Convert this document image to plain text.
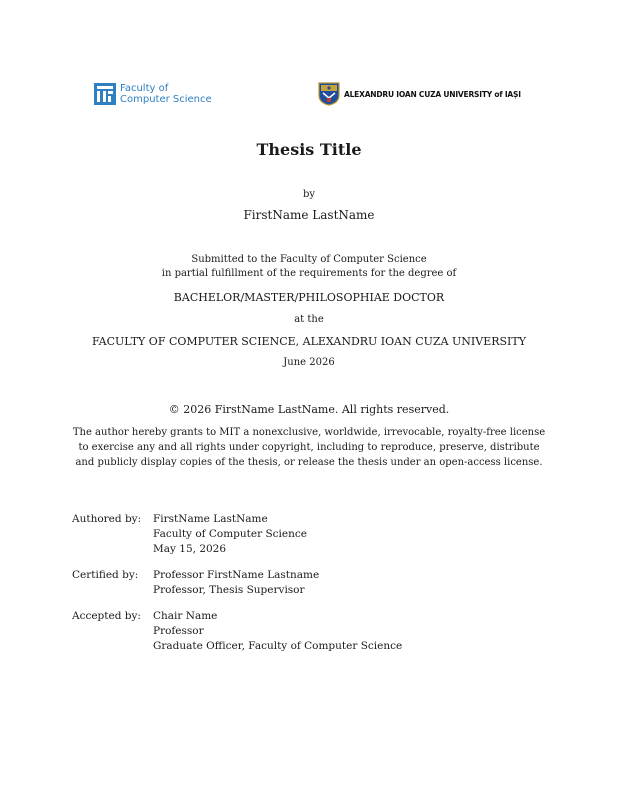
Faculty of
Computer Science	ALEXANDRU IOAN CUZA UNIVERSITY of IAȘI
Thesis Title
by
FirstName LastName
Submitted to the Faculty of Computer Science
in partial fulfillment of the requirements for the degree of
BACHELOR/MASTER/PHILOSOPHIAE DOCTOR
at the
FACULTY OF COMPUTER SCIENCE, ALEXANDRU IOAN CUZA UNIVERSITY
June 2026
© 2026 FirstName LastName. All rights reserved.
The author hereby grants to MIT a nonexclusive, worldwide, irrevocable, royalty-free license to exercise any and all rights under copyright, including to reproduce, preserve, distribute and publicly display copies of the thesis, or release the thesis under an open-access license.
Authored by: FirstName LastName
Faculty of Computer Science
May 15, 2026
Certified by: Professor FirstName Lastname
Professor, Thesis Supervisor
Accepted by: Chair Name
Professor
Graduate Officer, Faculty of Computer Science
